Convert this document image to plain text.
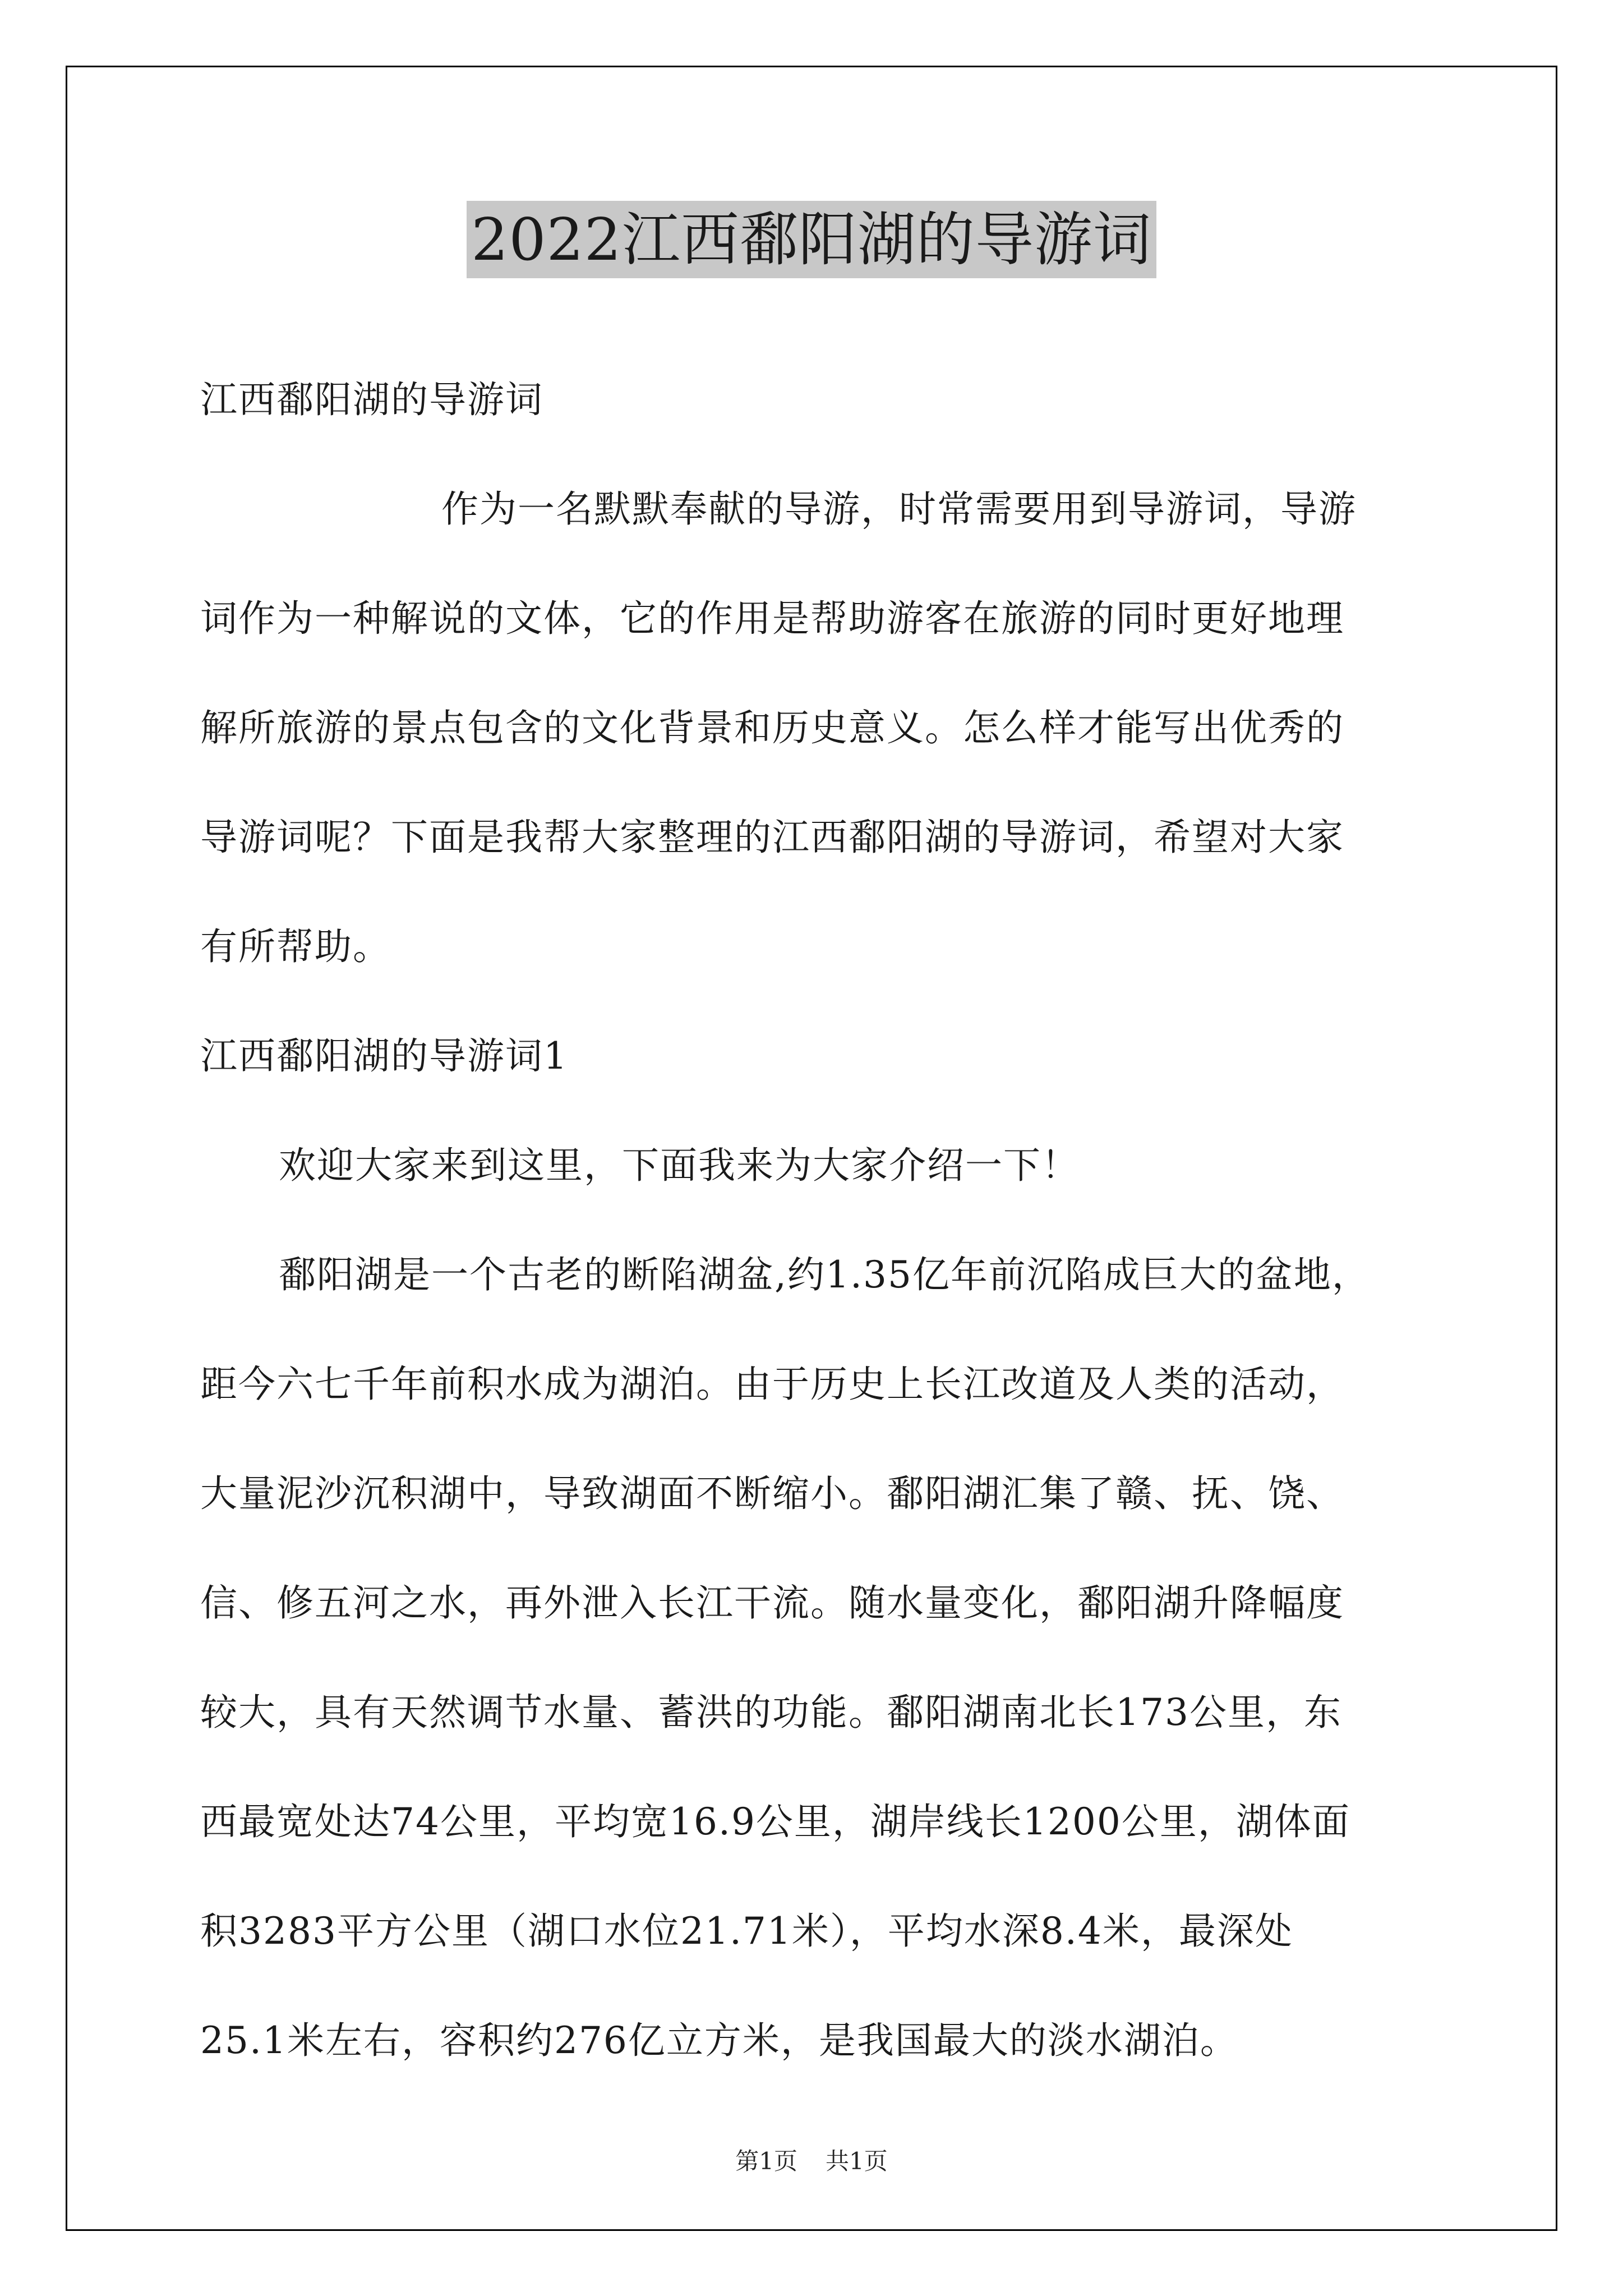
2022江西鄱阳湖的导游词
江西鄱阳湖的导游词
作为一名默默奉献的导游，时常需要用到导游词，导游
词作为一种解说的文体，它的作用是帮助游客在旅游的同时更好地理
解所旅游的景点包含的文化背景和历史意义。怎么样才能写出优秀的
导游词呢？下面是我帮大家整理的江西鄱阳湖的导游词，希望对大家
有所帮助。
江西鄱阳湖的导游词1
欢迎大家来到这里，下面我来为大家介绍一下！
鄱阳湖是一个古老的断陷湖盆,约1.35亿年前沉陷成巨大的盆地，
距今六七千年前积水成为湖泊。由于历史上长江改道及人类的活动，
大量泥沙沉积湖中，导致湖面不断缩小。鄱阳湖汇集了赣、抚、饶、
信、修五河之水，再外泄入长江干流。随水量变化，鄱阳湖升降幅度
较大，具有天然调节水量、蓄洪的功能。鄱阳湖南北长173公里，东
西最宽处达74公里，平均宽16.9公里，湖岸线长1200公里，湖体面
积3283平方公里（湖口水位21.71米），平均水深8.4米，最深处
25.1米左右，容积约276亿立方米，是我国最大的淡水湖泊。
第1页 共1页
